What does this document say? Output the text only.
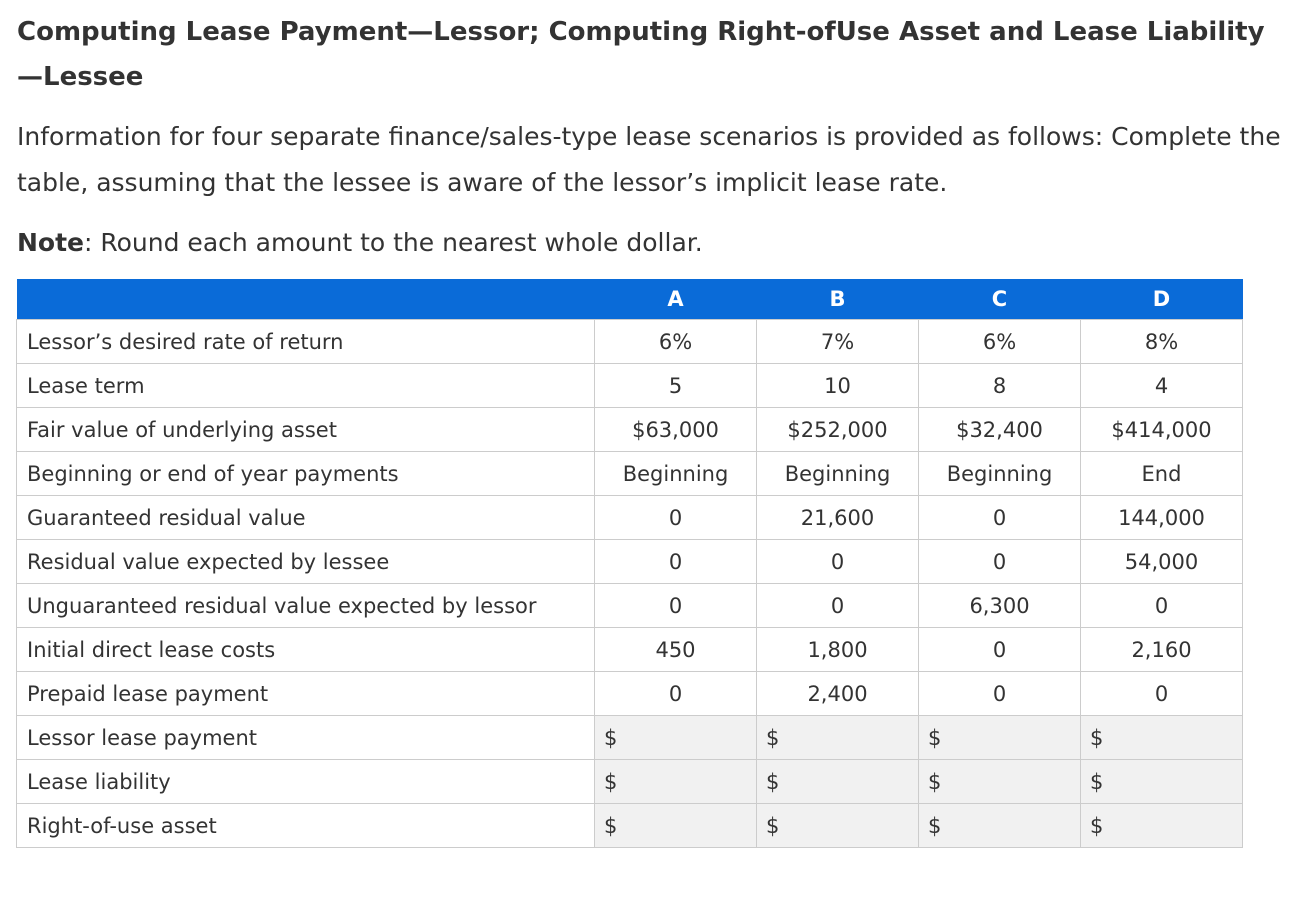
Computing Lease Payment—Lessor; Computing Right-ofUse Asset and Lease Liability —Lessee

Information for four separate finance/sales-type lease scenarios is provided as follows: Complete the table, assuming that the lessee is aware of the lessor’s implicit lease rate.

Note: Round each amount to the nearest whole dollar.

	A	B	C	D
Lessor’s desired rate of return	6%	7%	6%	8%
Lease term	5	10	8	4
Fair value of underlying asset	$63,000	$252,000	$32,400	$414,000
Beginning or end of year payments	Beginning	Beginning	Beginning	End
Guaranteed residual value	0	21,600	0	144,000
Residual value expected by lessee	0	0	0	54,000
Unguaranteed residual value expected by lessor	0	0	6,300	0
Initial direct lease costs	450	1,800	0	2,160
Prepaid lease payment	0	2,400	0	0
Lessor lease payment	$	$	$	$
Lease liability	$	$	$	$
Right-of-use asset	$	$	$	$
